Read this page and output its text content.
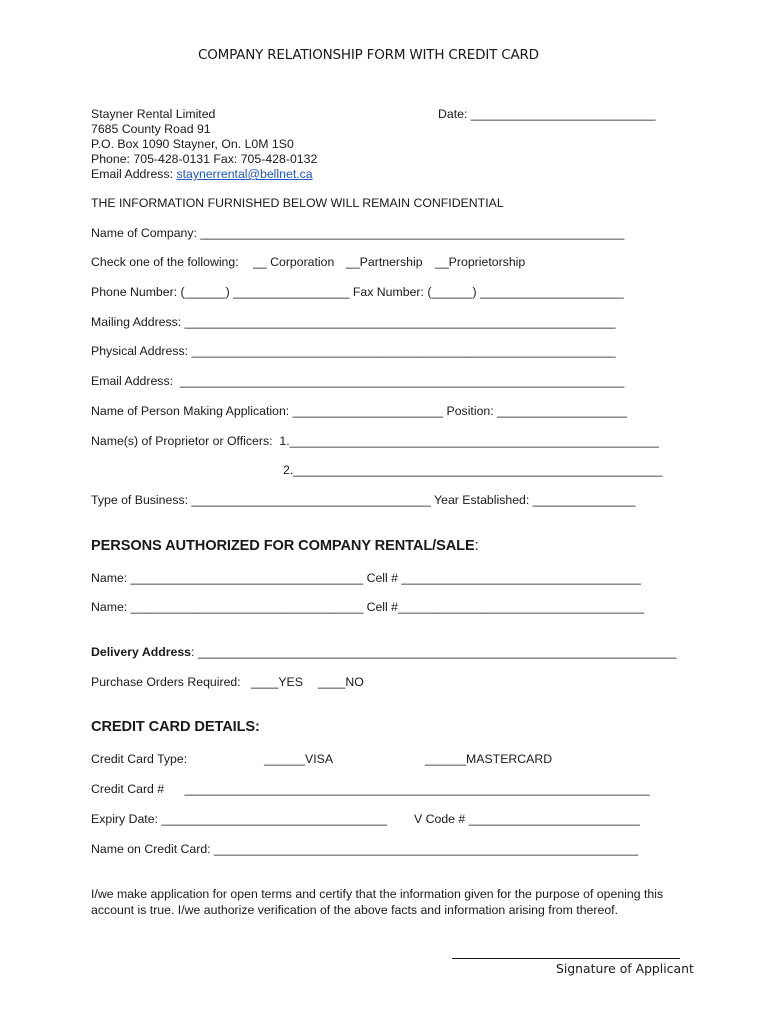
COMPANY RELATIONSHIP FORM WITH CREDIT CARD
Stayner Rental Limited
7685 County Road 91
P.O. Box 1090 Stayner, On. L0M 1S0
Phone: 705-428-0131 Fax: 705-428-0132
Email Address: staynerrental@bellnet.ca
Date: ___________________________
THE INFORMATION FURNISHED BELOW WILL REMAIN CONFIDENTIAL
Name of Company: ______________________________________________________________
Check one of the following: __ Corporation __Partnership __Proprietorship
Phone Number: (______) _________________ Fax Number: (______) _____________________
Mailing Address: _______________________________________________________________
Physical Address: ______________________________________________________________
Email Address:  _________________________________________________________________
Name of Person Making Application: ______________________ Position: ___________________
Name(s) of Proprietor or Officers:  1.______________________________________________________
2.______________________________________________________
Type of Business: ___________________________________ Year Established: _______________
PERSONS AUTHORIZED FOR COMPANY RENTAL/SALE:
Name: __________________________________ Cell # ___________________________________
Name: __________________________________ Cell #____________________________________
Delivery Address: ______________________________________________________________________
Purchase Orders Required: ____YES ____NO
CREDIT CARD DETAILS:
Credit Card Type:	______VISA	______MASTERCARD
Credit Card #      ____________________________________________________________________
Expiry Date: _________________________________ V Code # _________________________
Name on Credit Card: ______________________________________________________________
I/we make application for open terms and certify that the information given for the purpose of opening this account is true. I/we authorize verification of the above facts and information arising from thereof.
Signature of Applicant
